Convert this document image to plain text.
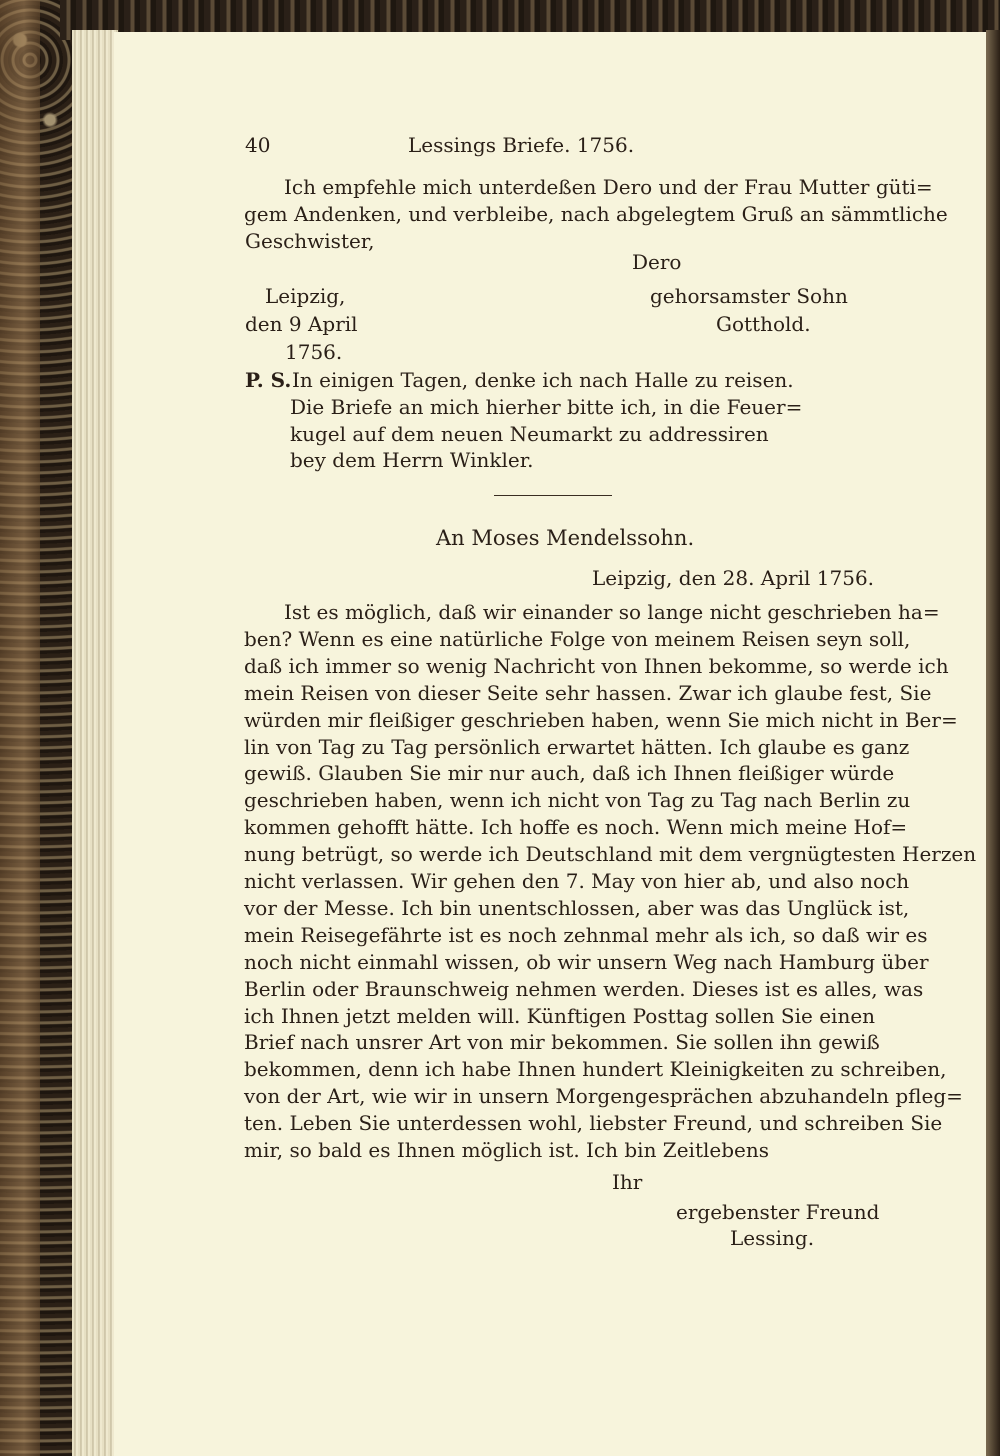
40	Lessings Briefe. 1756.
Ich empfehle mich unterdeßen Dero und der Frau Mutter güti=
gem Andenken, und verbleibe, nach abgelegtem Gruß an sämmtliche
Geschwister,
Dero
Leipzig,	gehorsamster Sohn
den 9 April	Gotthold.
1756.
P. S. In einigen Tagen, denke ich nach Halle zu reisen.
Die Briefe an mich hierher bitte ich, in die Feuer=
kugel auf dem neuen Neumarkt zu addressiren
bey dem Herrn Winkler.
An Moses Mendelssohn.
Leipzig, den 28. April 1756.
Ist es möglich, daß wir einander so lange nicht geschrieben ha=
ben? Wenn es eine natürliche Folge von meinem Reisen seyn soll,
daß ich immer so wenig Nachricht von Ihnen bekomme, so werde ich
mein Reisen von dieser Seite sehr hassen. Zwar ich glaube fest, Sie
würden mir fleißiger geschrieben haben, wenn Sie mich nicht in Ber=
lin von Tag zu Tag persönlich erwartet hätten. Ich glaube es ganz
gewiß. Glauben Sie mir nur auch, daß ich Ihnen fleißiger würde
geschrieben haben, wenn ich nicht von Tag zu Tag nach Berlin zu
kommen gehofft hätte. Ich hoffe es noch. Wenn mich meine Hof=
nung betrügt, so werde ich Deutschland mit dem vergnügtesten Herzen
nicht verlassen. Wir gehen den 7. May von hier ab, und also noch
vor der Messe. Ich bin unentschlossen, aber was das Unglück ist,
mein Reisegefährte ist es noch zehnmal mehr als ich, so daß wir es
noch nicht einmahl wissen, ob wir unsern Weg nach Hamburg über
Berlin oder Braunschweig nehmen werden. Dieses ist es alles, was
ich Ihnen jetzt melden will. Künftigen Posttag sollen Sie einen
Brief nach unsrer Art von mir bekommen. Sie sollen ihn gewiß
bekommen, denn ich habe Ihnen hundert Kleinigkeiten zu schreiben,
von der Art, wie wir in unsern Morgengesprächen abzuhandeln pfleg=
ten. Leben Sie unterdessen wohl, liebster Freund, und schreiben Sie
mir, so bald es Ihnen möglich ist. Ich bin Zeitlebens
Ihr
ergebenster Freund
Lessing.
